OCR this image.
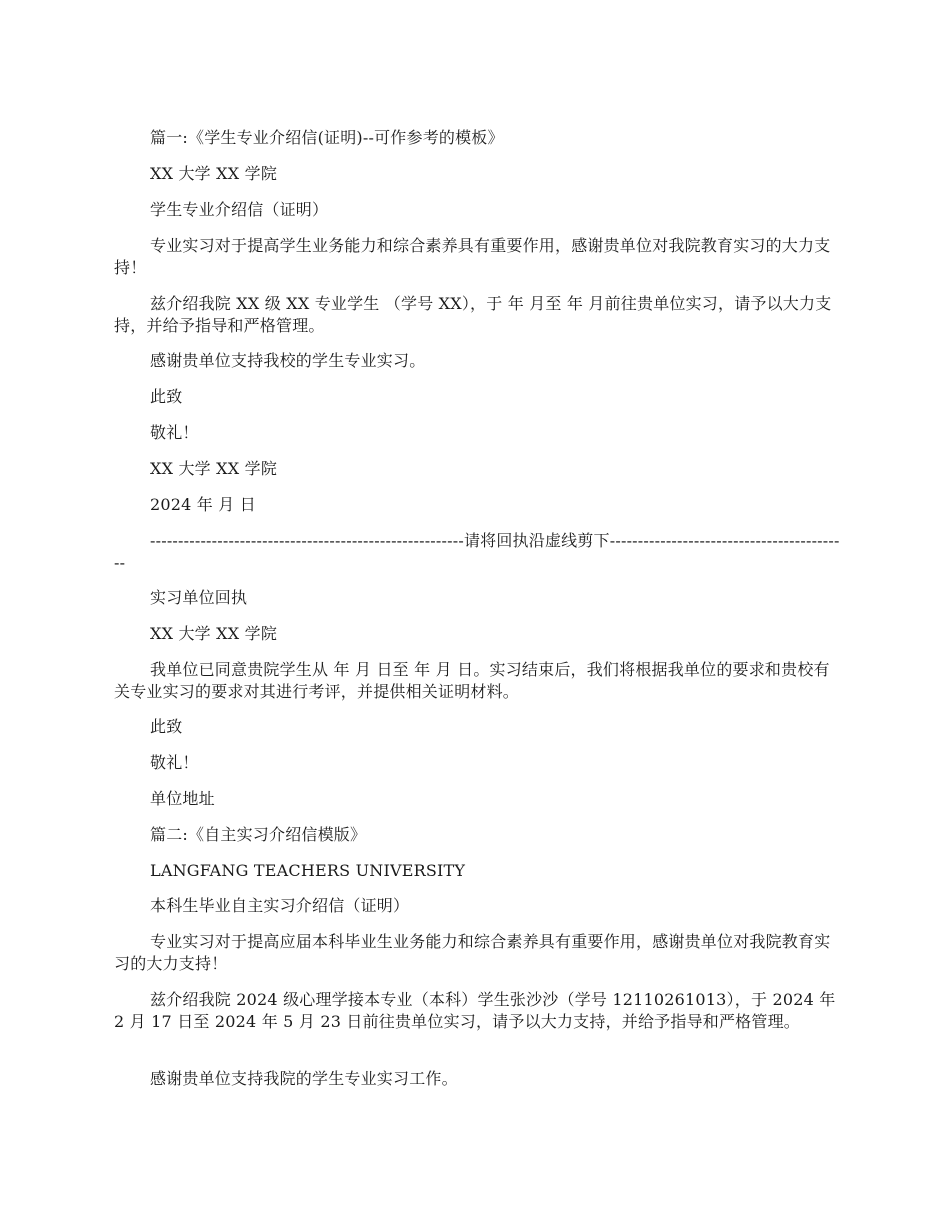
篇一:《学生专业介绍信(证明)--可作参考的模板》

XX 大学 XX 学院

学生专业介绍信（证明）

专业实习对于提高学生业务能力和综合素养具有重要作用，感谢贵单位对我院教育实习的大力支持！

兹介绍我院 XX 级 XX 专业学生 （学号 XX），于 年 月至 年 月前往贵单位实习，请予以大力支持，并给予指导和严格管理。

感谢贵单位支持我校的学生专业实习。

此致

敬礼！

XX 大学 XX 学院

2024 年 月 日

--------------------------------------------------------请将回执沿虚线剪下-------------------------------------------

实习单位回执

XX 大学 XX 学院

我单位已同意贵院学生从 年 月 日至 年 月 日。实习结束后，我们将根据我单位的要求和贵校有关专业实习的要求对其进行考评，并提供相关证明材料。

此致

敬礼！

单位地址

篇二:《自主实习介绍信模版》

LANGFANG TEACHERS UNIVERSITY

本科生毕业自主实习介绍信（证明）

专业实习对于提高应届本科毕业生业务能力和综合素养具有重要作用，感谢贵单位对我院教育实习的大力支持！

兹介绍我院 2024 级心理学接本专业（本科）学生张沙沙（学号 12110261013），于 2024 年 2 月 17 日至 2024 年 5 月 23 日前往贵单位实习，请予以大力支持，并给予指导和严格管理。

感谢贵单位支持我院的学生专业实习工作。
